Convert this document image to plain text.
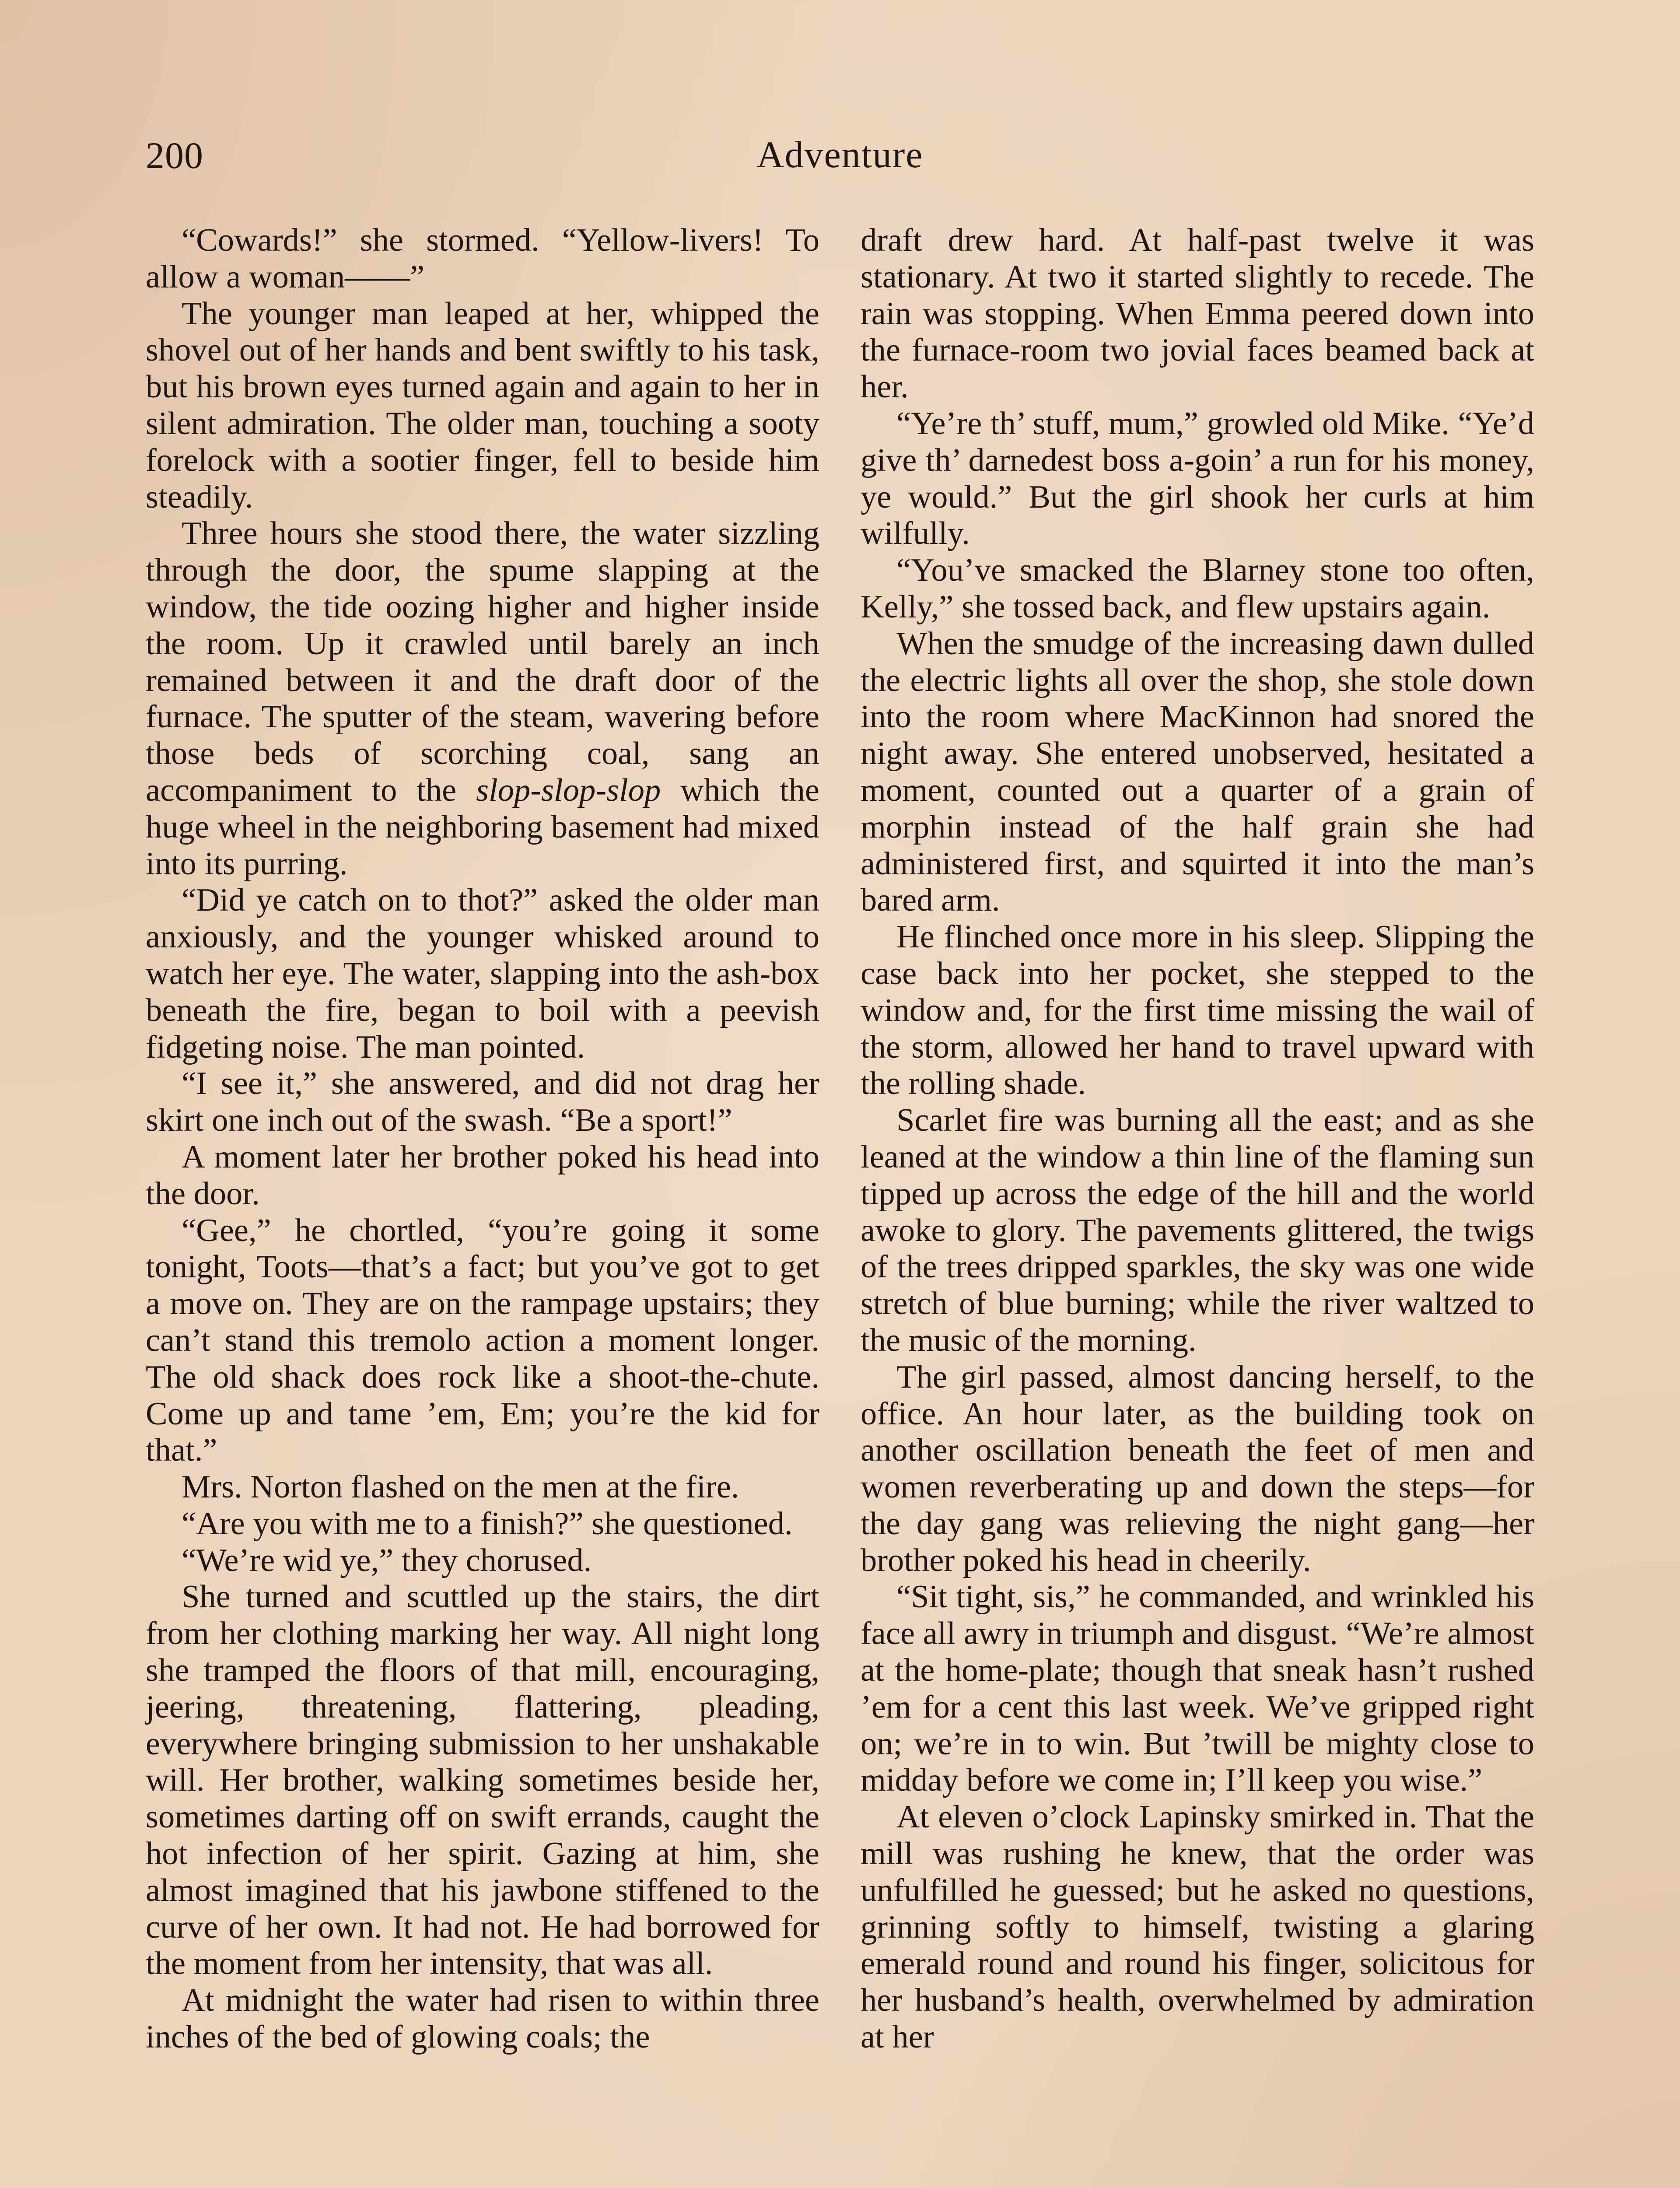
200	Adventure

“Cowards!” she stormed. “Yellow-livers! To allow a woman——”

The younger man leaped at her, whipped the shovel out of her hands and bent swiftly to his task, but his brown eyes turned again and again to her in silent admiration. The older man, touching a sooty forelock with a sootier finger, fell to beside him steadily.

Three hours she stood there, the water sizzling through the door, the spume slapping at the window, the tide oozing higher and higher inside the room. Up it crawled until barely an inch remained between it and the draft door of the furnace. The sputter of the steam, wavering before those beds of scorching coal, sang an accompaniment to the slop-slop-slop which the huge wheel in the neighboring basement had mixed into its purring.

“Did ye catch on to thot?” asked the older man anxiously, and the younger whisked around to watch her eye. The water, slapping into the ash-box beneath the fire, began to boil with a peevish fidgeting noise. The man pointed.

“I see it,” she answered, and did not drag her skirt one inch out of the swash. “Be a sport!”

A moment later her brother poked his head into the door.

“Gee,” he chortled, “you’re going it some tonight, Toots—that’s a fact; but you’ve got to get a move on. They are on the rampage upstairs; they can’t stand this tremolo action a moment longer. The old shack does rock like a shoot-the-chute. Come up and tame ’em, Em; you’re the kid for that.”

Mrs. Norton flashed on the men at the fire.

“Are you with me to a finish?” she questioned.

“We’re wid ye,” they chorused.

She turned and scuttled up the stairs, the dirt from her clothing marking her way. All night long she tramped the floors of that mill, encouraging, jeering, threatening, flattering, pleading, everywhere bringing submission to her unshakable will. Her brother, walking sometimes beside her, sometimes darting off on swift errands, caught the hot infection of her spirit. Gazing at him, she almost imagined that his jawbone stiffened to the curve of her own. It had not. He had borrowed for the moment from her intensity, that was all.

At midnight the water had risen to within three inches of the bed of glowing coals; the

draft drew hard. At half-past twelve it was stationary. At two it started slightly to recede. The rain was stopping. When Emma peered down into the furnace-room two jovial faces beamed back at her.

“Ye’re th’ stuff, mum,” growled old Mike. “Ye’d give th’ darnedest boss a-goin’ a run for his money, ye would.” But the girl shook her curls at him wilfully.

“You’ve smacked the Blarney stone too often, Kelly,” she tossed back, and flew upstairs again.

When the smudge of the increasing dawn dulled the electric lights all over the shop, she stole down into the room where MacKinnon had snored the night away. She entered unobserved, hesitated a moment, counted out a quarter of a grain of morphin instead of the half grain she had administered first, and squirted it into the man’s bared arm.

He flinched once more in his sleep. Slipping the case back into her pocket, she stepped to the window and, for the first time missing the wail of the storm, allowed her hand to travel upward with the rolling shade.

Scarlet fire was burning all the east; and as she leaned at the window a thin line of the flaming sun tipped up across the edge of the hill and the world awoke to glory. The pavements glittered, the twigs of the trees dripped sparkles, the sky was one wide stretch of blue burning; while the river waltzed to the music of the morning.

The girl passed, almost dancing herself, to the office. An hour later, as the building took on another oscillation beneath the feet of men and women reverberating up and down the steps—for the day gang was relieving the night gang—her brother poked his head in cheerily.

“Sit tight, sis,” he commanded, and wrinkled his face all awry in triumph and disgust. “We’re almost at the home-plate; though that sneak hasn’t rushed ’em for a cent this last week. We’ve gripped right on; we’re in to win. But ’twill be mighty close to midday before we come in; I’ll keep you wise.”

At eleven o’clock Lapinsky smirked in. That the mill was rushing he knew, that the order was unfulfilled he guessed; but he asked no questions, grinning softly to himself, twisting a glaring emerald round and round his finger, solicitous for her husband’s health, overwhelmed by admiration at her
